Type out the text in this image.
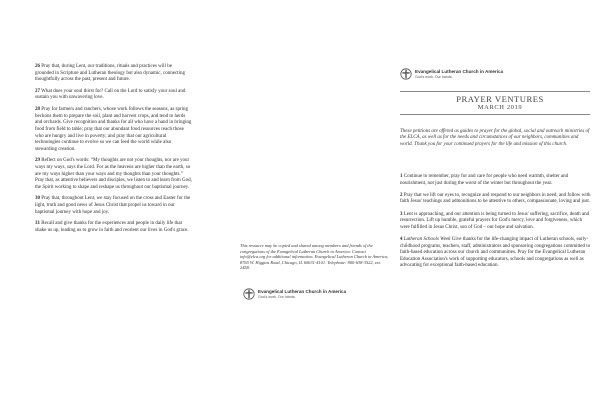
26 Pray that, during Lent, our traditions, rituals and practices will be grounded in Scripture and Lutheran theology but also dynamic, connecting thoughtfully across the past, present and future.

27 What does your soul thirst for? Call on the Lord to satisfy your soul and sustain you with unwavering love.

28 Pray for farmers and ranchers, whose work follows the seasons, as spring beckons them to prepare the soil, plant and harvest crops, and tend to herds and orchards. Give recognition and thanks for all who have a hand in bringing food from field to table; pray that our abundant food resources reach those who are hungry and live in poverty; and pray that our agricultural technologies continue to evolve so we can feed the world while also stewarding creation.

29 Reflect on God's words: “My thoughts are not your thoughts, nor are your ways my ways, says the Lord. For as the heavens are higher than the earth, so are my ways higher than your ways and my thoughts than your thoughts.” Pray that, as attentive believers and disciples, we listen to and learn from God, the Spirit working to shape and reshape us throughout our baptismal journey.

30 Pray that, throughout Lent, we stay focused on the cross and Easter for the light, truth and good news of Jesus Christ that propel us toward in our baptismal journey with hope and joy.

31 Recall and give thanks for the experiences and people in daily life that shake us up, leading us to grow in faith and reorient our lives in God's grace.

This resource may be copied and shared among members and friends of the congregations of the Evangelical Lutheran Church in America. Contact info@elca.org for additional information. Evangelical Lutheran Church in America, 8765 W. Higgins Road, Chicago, IL 60631-4101. Telephone: 800-638-3522, ext. 2458.
Evangelical Lutheran Church in America
God's work. Our hands.
Evangelical Lutheran Church in America
God's work. Our hands.
PRAYER VENTURES
MARCH 2019
These petitions are offered as guides to prayer for the global, social and outreach ministries of the ELCA, as well as for the needs and circumstances of our neighbors, communities and world. Thank you for your continued prayers for the life and mission of this church.

1 Continue to remember, pray for and care for people who need warmth, shelter and nourishment, not just during the worst of the winter but throughout the year.

2 Pray that we lift our eyes to, recognize and respond to our neighbors in need, and follow with faith Jesus' teachings and admonitions to be attentive to others, compassionate, loving and just.

3 Lent is approaching, and our attention is being turned to Jesus' suffering, sacrifice, death and resurrection. Lift up humble, grateful prayers for God's mercy, love and forgiveness, which were fulfilled in Jesus Christ, son of God – our hope and salvation.

4 Lutheran Schools Week Give thanks for the life-changing impact of Lutheran schools, early-childhood programs, teachers, staff, administrators and sponsoring congregations committed to faith-based education across our church and communities. Pray for the Evangelical Lutheran Education Association's work of supporting educators, schools and congregations as well as advocating for exceptional faith-based education.
